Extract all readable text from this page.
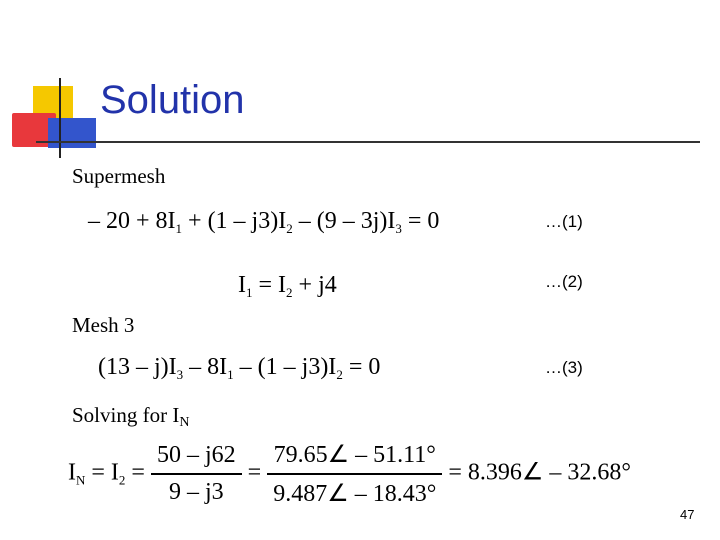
Solution
Supermesh
– $20 + 8I_1 + (1 - j3)I_2 - (9 - 3j)I_3 = 0$	…(1)
$I_1 = I_2 + j4$	…(2)
Mesh 3
$(13 - j)I_3 - 8I_1 - (1 - j3)I_2 = 0$	…(3)
Solving for $I_N$
$I_N = I_2 = \frac{50 - j62}{9 - j3} = \frac{79.65\angle - 51.11^\circ}{9.487\angle - 18.43^\circ}$ = 8.396∠ – 32.68°
47
